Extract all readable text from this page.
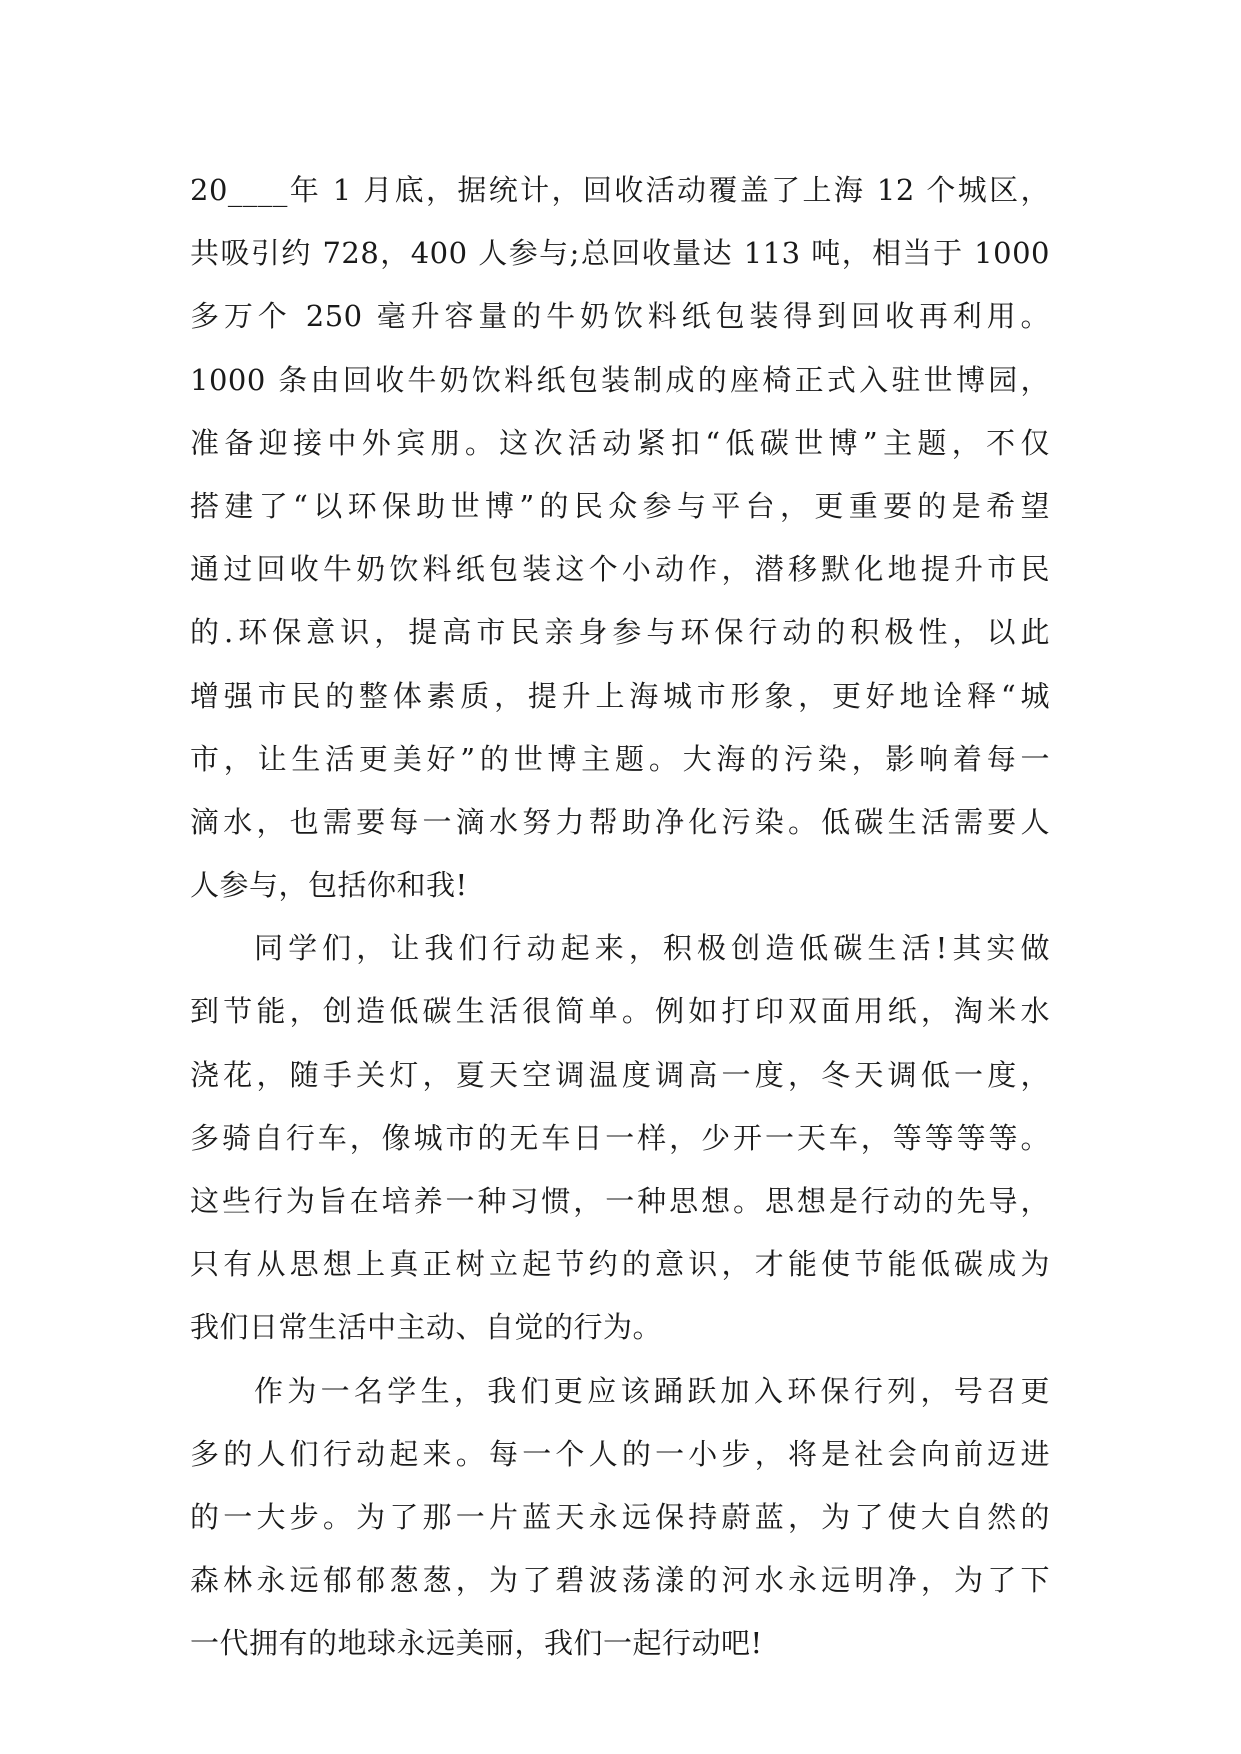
20____年 1 月底，据统计，回收活动覆盖了上海 12 个城区，
共吸引约 728，400 人参与;总回收量达 113 吨，相当于 1000
多万个 250 毫升容量的牛奶饮料纸包装得到回收再利用。
1000 条由回收牛奶饮料纸包装制成的座椅正式入驻世博园，
准备迎接中外宾朋。这次活动紧扣“低碳世博”主题，不仅
搭建了“以环保助世博”的民众参与平台，更重要的是希望
通过回收牛奶饮料纸包装这个小动作，潜移默化地提升市民
的.环保意识，提高市民亲身参与环保行动的积极性，以此
增强市民的整体素质，提升上海城市形象，更好地诠释“城
市，让生活更美好”的世博主题。大海的污染，影响着每一
滴水，也需要每一滴水努力帮助净化污染。低碳生活需要人
人参与，包括你和我!
同学们，让我们行动起来，积极创造低碳生活!其实做
到节能，创造低碳生活很简单。例如打印双面用纸，淘米水
浇花，随手关灯，夏天空调温度调高一度，冬天调低一度，
多骑自行车，像城市的无车日一样，少开一天车，等等等等。
这些行为旨在培养一种习惯，一种思想。思想是行动的先导，
只有从思想上真正树立起节约的意识，才能使节能低碳成为
我们日常生活中主动、自觉的行为。
作为一名学生，我们更应该踊跃加入环保行列，号召更
多的人们行动起来。每一个人的一小步，将是社会向前迈进
的一大步。为了那一片蓝天永远保持蔚蓝，为了使大自然的
森林永远郁郁葱葱，为了碧波荡漾的河水永远明净，为了下
一代拥有的地球永远美丽，我们一起行动吧!
